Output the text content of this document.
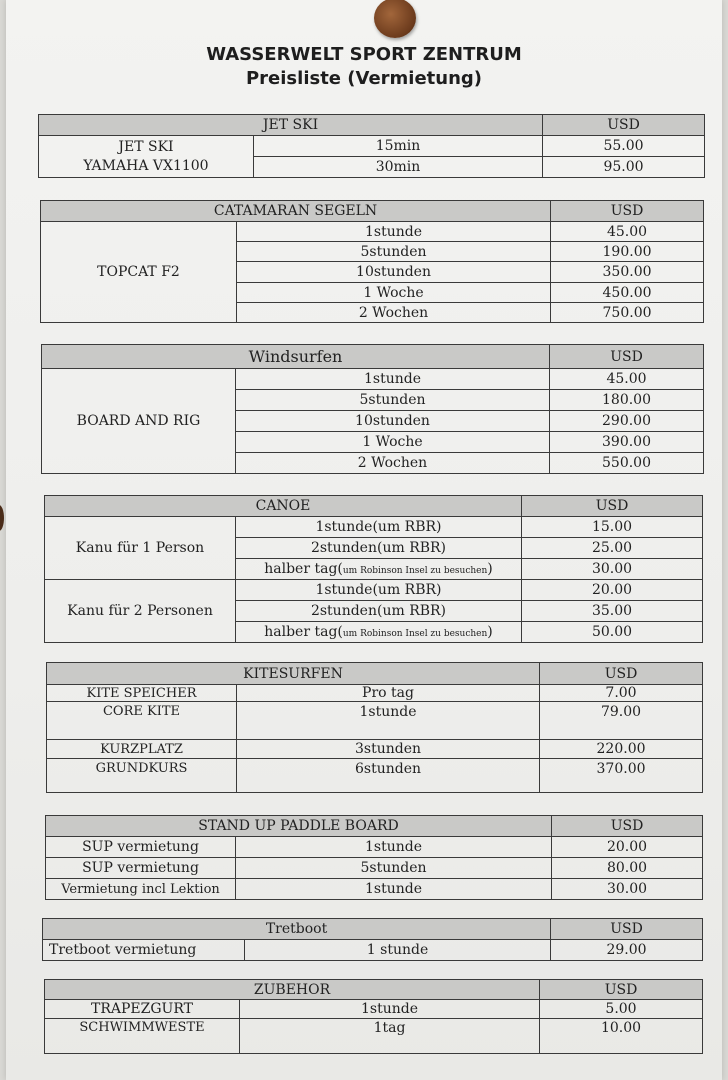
WASSERWELT SPORT ZENTRUM
Preisliste (Vermietung)
JET SKI		USD

JET SKI
YAMAHA VX1100	15min	55.00
	30min	95.00
CATAMARAN SEGELN		USD
TOPCAT F2	1stunde	45.00
	5stunden	190.00
	10stunden	350.00
	1 Woche	450.00
	2 Wochen	750.00
Windsurfen		USD
BOARD AND RIG	1stunde	45.00
	5stunden	180.00
	10stunden	290.00
	1 Woche	390.00
	2 Wochen	550.00
CANOE		USD
Kanu für 1 Person	1stunde(um RBR)	15.00
	2stunden(um RBR)	25.00
	halber tag(um Robinson Insel zu besuchen)	30.00
Kanu für 2 Personen	1stunde(um RBR)	20.00
	2stunden(um RBR)	35.00
	halber tag(um Robinson Insel zu besuchen)	50.00
KITESURFEN		USD
KITE SPEICHER	Pro tag	7.00
CORE KITE	1stunde	79.00
KURZPLATZ	3stunden	220.00
GRUNDKURS	6stunden	370.00
STAND UP PADDLE BOARD		USD
SUP vermietung	1stunde	20.00
SUP vermietung	5stunden	80.00
Vermietung incl Lektion	1stunde	30.00
Tretboot		USD
Tretboot vermietung	1 stunde	29.00
ZUBEHOR		USD
TRAPEZGURT	1stunde	5.00
SCHWIMMWESTE	1tag	10.00
